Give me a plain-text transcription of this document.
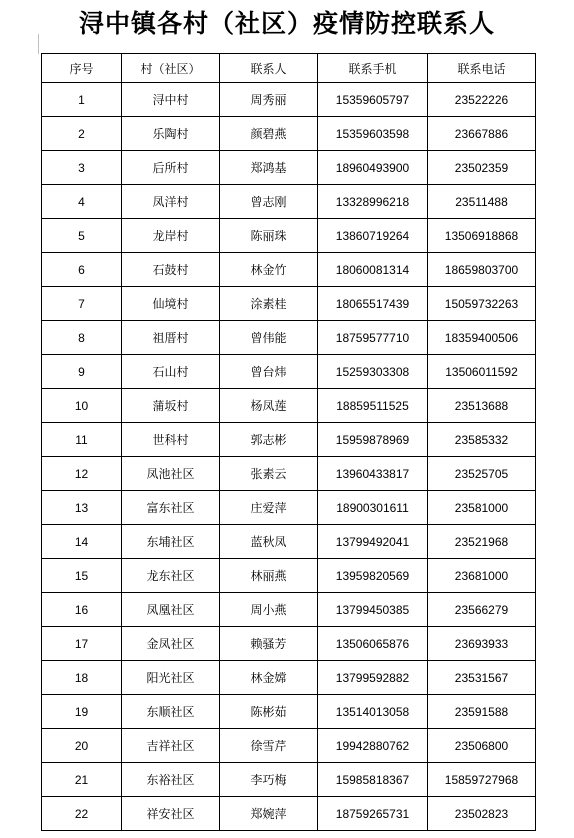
浔中镇各村（社区）疫情防控联系人
序号	村（社区）	联系人	联系手机	联系电话
1	浔中村	周秀丽	15359605797	23522226
2	乐陶村	颜碧燕	15359603598	23667886
3	后所村	郑鸿基	18960493900	23502359
4	凤洋村	曾志刚	13328996218	23511488
5	龙岸村	陈丽珠	13860719264	13506918868
6	石鼓村	林金竹	18060081314	18659803700
7	仙境村	涂素桂	18065517439	15059732263
8	祖厝村	曾伟能	18759577710	18359400506
9	石山村	曾台炜	15259303308	13506011592
10	蒲坂村	杨凤莲	18859511525	23513688
11	世科村	郭志彬	15959878969	23585332
12	凤池社区	张素云	13960433817	23525705
13	富东社区	庄爱萍	18900301611	23581000
14	东埔社区	蓝秋凤	13799492041	23521968
15	龙东社区	林丽燕	13959820569	23681000
16	凤凰社区	周小燕	13799450385	23566279
17	金凤社区	赖骚芳	13506065876	23693933
18	阳光社区	林金嫦	13799592882	23531567
19	东顺社区	陈彬茹	13514013058	23591588
20	吉祥社区	徐雪芹	19942880762	23506800
21	东裕社区	李巧梅	15985818367	15859727968
22	祥安社区	郑婉萍	18759265731	23502823
